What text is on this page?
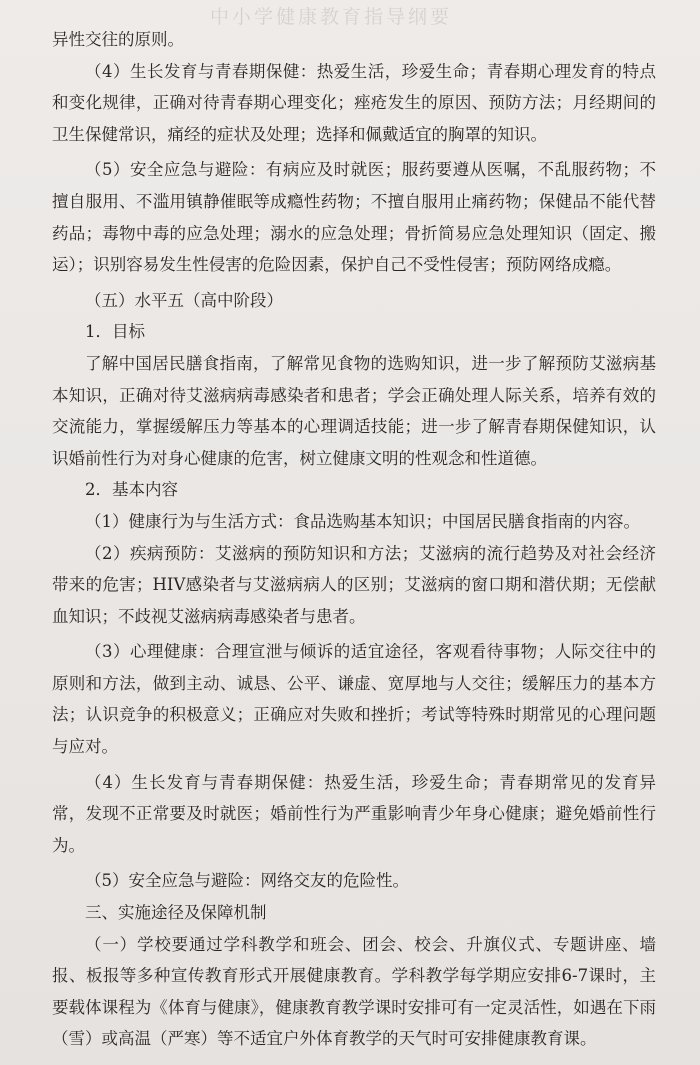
中小学健康教育指导纲要

异性交往的原则。

（4）生长发育与青春期保健：热爱生活，珍爱生命；青春期心理发育的特点和变化规律，正确对待青春期心理变化；痤疮发生的原因、预防方法；月经期间的卫生保健常识，痛经的症状及处理；选择和佩戴适宜的胸罩的知识。

（5）安全应急与避险：有病应及时就医；服药要遵从医嘱，不乱服药物；不擅自服用、不滥用镇静催眠等成瘾性药物；不擅自服用止痛药物；保健品不能代替药品；毒物中毒的应急处理；溺水的应急处理；骨折简易应急处理知识（固定、搬运）；识别容易发生性侵害的危险因素，保护自己不受性侵害；预防网络成瘾。

（五）水平五（高中阶段）

1．目标

了解中国居民膳食指南，了解常见食物的选购知识，进一步了解预防艾滋病基本知识，正确对待艾滋病病毒感染者和患者；学会正确处理人际关系，培养有效的交流能力，掌握缓解压力等基本的心理调适技能；进一步了解青春期保健知识，认识婚前性行为对身心健康的危害，树立健康文明的性观念和性道德。

2．基本内容

（1）健康行为与生活方式：食品选购基本知识；中国居民膳食指南的内容。

（2）疾病预防：艾滋病的预防知识和方法；艾滋病的流行趋势及对社会经济带来的危害；HIV感染者与艾滋病病人的区别；艾滋病的窗口期和潜伏期；无偿献血知识；不歧视艾滋病病毒感染者与患者。

（3）心理健康：合理宣泄与倾诉的适宜途径，客观看待事物；人际交往中的原则和方法，做到主动、诚恳、公平、谦虚、宽厚地与人交往；缓解压力的基本方法；认识竞争的积极意义；正确应对失败和挫折；考试等特殊时期常见的心理问题与应对。

（4）生长发育与青春期保健：热爱生活，珍爱生命；青春期常见的发育异常，发现不正常要及时就医；婚前性行为严重影响青少年身心健康；避免婚前性行为。

（5）安全应急与避险：网络交友的危险性。

三、实施途径及保障机制

（一）学校要通过学科教学和班会、团会、校会、升旗仪式、专题讲座、墙报、板报等多种宣传教育形式开展健康教育。学科教学每学期应安排6-7课时，主要载体课程为《体育与健康》，健康教育教学课时安排可有一定灵活性，如遇在下雨（雪）或高温（严寒）等不适宜户外体育教学的天气时可安排健康教育课。
